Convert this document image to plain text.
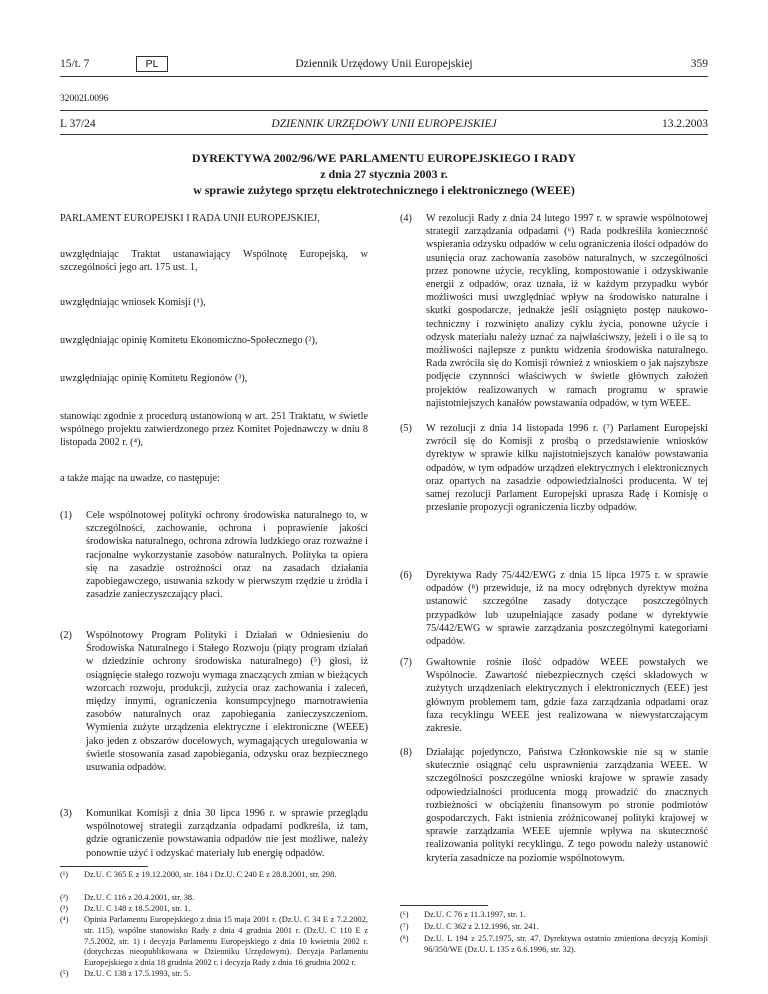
15/t. 7	PL	Dziennik Urzędowy Unii Europejskiej	359
32002L0096
L 37/24	DZIENNIK URZĘDOWY UNII EUROPEJSKIEJ	13.2.2003
DYREKTYWA 2002/96/WE PARLAMENTU EUROPEJSKIEGO I RADY
z dnia 27 stycznia 2003 r.
w sprawie zużytego sprzętu elektrotechnicznego i elektronicznego (WEEE)
PARLAMENT EUROPEJSKI I RADA UNII EUROPEJSKIEJ,
uwzględniając Traktat ustanawiający Wspólnotę Europejską, w szczególności jego art. 175 ust. 1,
uwzględniając wniosek Komisji (¹),
uwzględniając opinię Komitetu Ekonomiczno-Społecznego (²),
uwzględniając opinię Komitetu Regionów (³),
stanowiąc zgodnie z procedurą ustanowioną w art. 251 Traktatu, w świetle wspólnego projektu zatwierdzonego przez Komitet Pojednawczy w dniu 8 listopada 2002 r. (⁴),
a także mając na uwadze, co następuje:
(1) Cele wspólnotowej polityki ochrony środowiska naturalnego to, w szczególności, zachowanie, ochrona i poprawienie jakości środowiska naturalnego, ochrona zdrowia ludzkiego oraz rozważne i racjonalne wykorzystanie zasobów naturalnych. Polityka ta opiera się na zasadzie ostrożności oraz na zasadach działania zapobiegawczego, usuwania szkody w pierwszym rzędzie u źródła i zasadzie zanieczyszczający płaci.
(2) Wspólnotowy Program Polityki i Działań w Odniesieniu do Środowiska Naturalnego i Stałego Rozwoju (piąty program działań w dziedzinie ochrony środowiska naturalnego) (⁵) głosi, iż osiągnięcie stałego rozwoju wymaga znaczących zmian w bieżących wzorcach rozwoju, produkcji, zużycia oraz zachowania i zaleceń, między innymi, ograniczenia konsumpcyjnego marnotrawienia zasobów naturalnych oraz zapobiegania zanieczyszczeniom. Wymienia zużyte urządzenia elektryczne i elektroniczne (WEEE) jako jeden z obszarów docelowych, wymagających uregulowania w świetle stosowania zasad zapobiegania, odzysku oraz bezpiecznego usuwania odpadów.
(3) Komunikat Komisji z dnia 30 lipca 1996 r. w sprawie przeglądu wspólnotowej strategii zarządzania odpadami podkreśla, iż tam, gdzie ograniczenie powstawania odpadów nie jest możliwe, należy ponownie użyć i odzyskać materiały lub energię odpadów.
(¹) Dz.U. C 365 E z 19.12.2000, str. 184 i Dz.U. C 240 E z 28.8.2001, str. 298.
(²) Dz.U. C 116 z 20.4.2001, str. 38.
(³) Dz.U. C 148 z 18.5.2001, str. 1.
(⁴) Opinia Parlamentu Europejskiego z dnia 15 maja 2001 r. (Dz.U. C 34 E z 7.2.2002, str. 115), wspólne stanowisko Rady z dnia 4 grudnia 2001 r. (Dz.U. C 110 E z 7.5.2002, str. 1) i decyzja Parlamentu Europejskiego z dnia 10 kwietnia 2002 r. (dotychczas nieopublikowana w Dzienniku Urzędowym). Decyzja Parlamentu Europejskiego z dnia 18 grudnia 2002 r. i decyzja Rady z dnia 16 grudnia 2002 r.
(⁵) Dz.U. C 138 z 17.5.1993, str. 5.
(4) W rezolucji Rady z dnia 24 lutego 1997 r. w sprawie wspólnotowej strategii zarządzania odpadami (⁶) Rada podkreśliła konieczność wspierania odzysku odpadów w celu ograniczenia ilości odpadów do usunięcia oraz zachowania zasobów naturalnych, w szczególności przez ponowne użycie, recykling, kompostowanie i odzyskiwanie energii z odpadów, oraz uznała, iż w każdym przypadku wybór możliwości musi uwzględniać wpływ na środowisko naturalne i skutki gospodarcze, jednakże jeśli osiągnięto postęp naukowo-techniczny i rozwinięto analizy cyklu życia, ponowne użycie i odzysk materiału należy uznać za najwłaściwszy, jeżeli i o ile są to możliwości najlepsze z punktu widzenia środowiska naturalnego. Rada zwróciła się do Komisji również z wnioskiem o jak najszybsze podjęcie czynności właściwych w świetle głównych założeń projektów realizowanych w ramach programu w sprawie najistotniejszych kanałów powstawania odpadów, w tym WEEE.
(5) W rezolucji z dnia 14 listopada 1996 r. (⁷) Parlament Europejski zwrócił się do Komisji z prośbą o przedstawienie wniosków dyrektyw w sprawie kilku najistotniejszych kanałów powstawania odpadów, w tym odpadów urządzeń elektrycznych i elektronicznych oraz opartych na zasadzie odpowiedzialności producenta. W tej samej rezolucji Parlament Europejski uprasza Radę i Komisję o przesłanie propozycji ograniczenia liczby odpadów.
(6) Dyrektywa Rady 75/442/EWG z dnia 15 lipca 1975 r. w sprawie odpadów (⁸) przewiduje, iż na mocy odrębnych dyrektyw można ustanowić szczególne zasady dotyczące poszczególnych przypadków lub uzupełniające zasady podane w dyrektywie 75/442/EWG w sprawie zarządzania poszczególnymi kategoriami odpadów.
(7) Gwałtownie rośnie ilość odpadów WEEE powstałych we Wspólnocie. Zawartość niebezpiecznych części składowych w zużytych urządzeniach elektrycznych i elektronicznych (EEE) jest głównym problemem tam, gdzie faza zarządzania odpadami oraz faza recyklingu WEEE jest realizowana w niewystarczającym zakresie.
(8) Działając pojedynczo, Państwa Członkowskie nie są w stanie skutecznie osiągnąć celu usprawnienia zarządzania WEEE. W szczególności poszczególne wnioski krajowe w sprawie zasady odpowiedzialności producenta mogą prowadzić do znacznych rozbieżności w obciążeniu finansowym po stronie podmiotów gospodarczych. Fakt istnienia zróżnicowanej polityki krajowej w sprawie zarządzania WEEE ujemnie wpływa na skuteczność realizowania polityki recyklingu. Z tego powodu należy ustanowić kryteria zasadnicze na poziomie wspólnotowym.
(⁶) Dz.U. C 76 z 11.3.1997, str. 1.
(⁷) Dz.U. C 362 z 2.12.1996, str. 241.
(⁸) Dz.U. L 194 z 25.7.1975, str. 47. Dyrektywa ostatnio zmieniona decyzją Komisji 96/350/WE (Dz.U. L 135 z 6.6.1996, str. 32).
